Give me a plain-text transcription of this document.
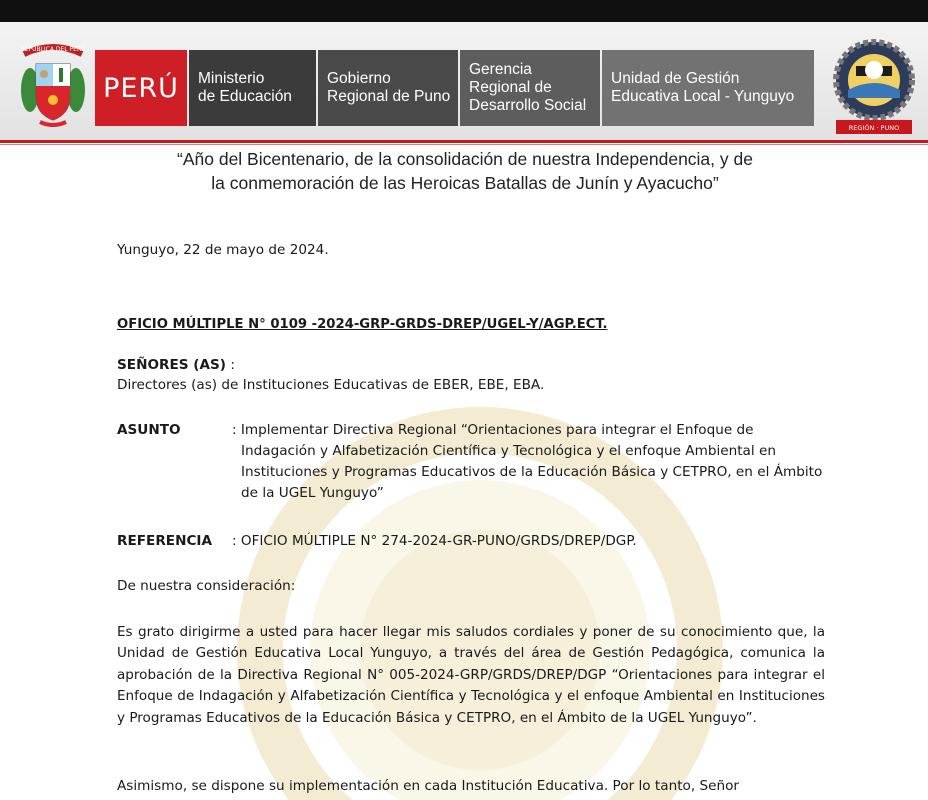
REPÚBLICA DEL PERÚ
PERÚ	Ministerio
de Educación
Gobierno
Regional de Puno
Gerencia
Regional de
Desarrollo Social
Unidad de Gestión
Educativa Local - Yunguyo
REGIÓN · PUNO
“Año del Bicentenario, de la consolidación de nuestra Independencia, y de
la conmemoración de las Heroicas Batallas de Junín y Ayacucho”
Yunguyo, 22 de mayo de 2024.
OFICIO MÚLTIPLE N° 0109 -2024-GRP-GRDS-DREP/UGEL-Y/AGP.ECT.
SEÑORES (AS) :
Directores (as) de Instituciones Educativas de EBER, EBE, EBA.
ASUNTO	: Implementar Directiva Regional “Orientaciones para integrar el Enfoque de
Indagación y Alfabetización Científica y Tecnológica y el enfoque Ambiental en Instituciones y Programas Educativos de la Educación Básica y CETPRO, en el Ámbito de la UGEL Yunguyo”
REFERENCIA : OFICIO MÚLTIPLE N° 274-2024-GR-PUNO/GRDS/DREP/DGP.
De nuestra consideración:
Es grato dirigirme a usted para hacer llegar mis saludos cordiales y poner de su conocimiento que, la Unidad de Gestión Educativa Local Yunguyo, a través del área de Gestión Pedagógica, comunica la aprobación de la Directiva Regional N° 005-2024-GRP/GRDS/DREP/DGP “Orientaciones para integrar el Enfoque de Indagación y Alfabetización Científica y Tecnológica y el enfoque Ambiental en Instituciones y Programas Educativos de la Educación Básica y CETPRO, en el Ámbito de la UGEL Yunguyo”.
Asimismo, se dispone su implementación en cada Institución Educativa. Por lo tanto, Señor
